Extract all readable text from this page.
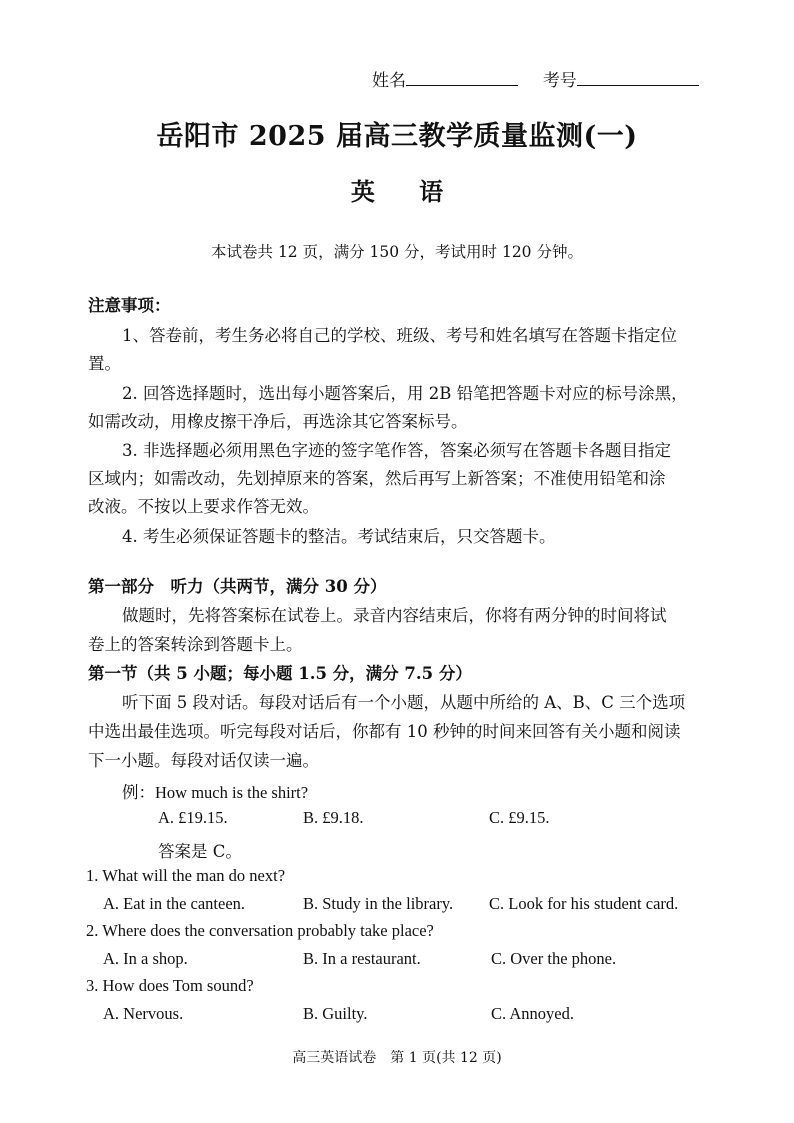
姓名	考号
岳阳市 2025 届高三教学质量监测(一)
英 语
本试卷共 12 页，满分 150 分，考试用时 120 分钟。
注意事项：
1、答卷前，考生务必将自己的学校、班级、考号和姓名填写在答题卡指定位
置。
2. 回答选择题时，选出每小题答案后，用 2B 铅笔把答题卡对应的标号涂黑，
如需改动，用橡皮擦干净后，再选涂其它答案标号。
3. 非选择题必须用黑色字迹的签字笔作答，答案必须写在答题卡各题目指定
区域内；如需改动，先划掉原来的答案，然后再写上新答案；不准使用铅笔和涂
改液。不按以上要求作答无效。
4. 考生必须保证答题卡的整洁。考试结束后，只交答题卡。
第一部分　听力（共两节，满分 30 分）
做题时，先将答案标在试卷上。录音内容结束后，你将有两分钟的时间将试
卷上的答案转涂到答题卡上。
第一节（共 5 小题；每小题 1.5 分，满分 7.5 分）
听下面 5 段对话。每段对话后有一个小题，从题中所给的 A、B、C 三个选项
中选出最佳选项。听完每段对话后，你都有 10 秒钟的时间来回答有关小题和阅读
下一小题。每段对话仅读一遍。
例：How much is the shirt?
A. £19.15.	B. £9.18.	C. £9.15.
答案是 C。
1. What will the man do next?
A. Eat in the canteen.	B. Study in the library. C. Look for his student card.
2. Where does the conversation probably take place?
A. In a shop.	B. In a restaurant.	C. Over the phone.
3. How does Tom sound?
A. Nervous.	B. Guilty.	C. Annoyed.
高三英语试卷　第 1 页(共 12 页)
